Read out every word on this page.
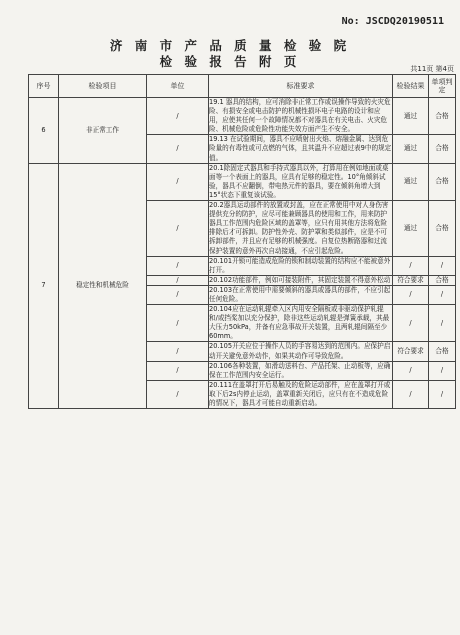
No: JSCDQ20190511
济 南 市 产 品 质 量 检 验 院
检 验 报 告 附 页	共11页 第4页
序号	检验项目	单位	标准要求	检验结果	单项判定
6	非正常工作	/	19.1 器具的结构，应可消除非正常工作或误操作导致的火灾危险、有损安全或电击防护的机械性损坏电子电路的设计和应用，应使其任何一个故障情况都不对器具在有关电击、火灾危险、机械危险或危险性功能失效方面产生不安全。	通过	合格
		/	19.13 在试验期间，器具不应喷射出火焰、熔融金属、达到危险量的有毒性或可点燃的气体，且其温升不应超过表9中的规定值。	通过	合格
7	稳定性和机械危险	/	20.1除固定式器具和手持式器具以外，打算用在例如地面或桌面等一个表面上的器具，应具有足够的稳定性。10°角倾斜试验，器具不应翻倒，带电热元件的器具，要在倾斜角增大到15°状态下重复该试验。	通过	合格
		/	20.2器具运动部件的放置或封盖，应在正常使用中对人身伤害提供充分的防护，应尽可能兼顾器具的使用和工作，用来防护器具工作范围内危险区域的盖罩等，应只有用其他方法将危险排除后才可拆卸。防护性外壳、防护罩和类似部件，应是不可拆卸部件，并且应有足够的机械强度。自复位热断路器和过流保护装置的意外再次自动接通，不应引起危险。	通过	合格
		/	20.101开锁可能造成危险的锁和制动装置的结构应不能被意外打开。	/	/
		/	20.102功能部件，例如可接装附件，其固定装置不得意外松动	符合要求	合格
		/	20.103在正常使用中需要倾斜的器具或器具的部件，不应引起任何危险。	/	/
		/	20.104应在运动轧辊牵入区内用安全隔板或非驱动保护轧辊和/或挡桨加以充分保护，除非这些运动轧辊是弹簧承载，其最大压力50kPa，并备有应急事故开关装置，且两轧辊间隔至少60mm。	/	/
		/	20.105开关应位于操作人员的手容易达到的范围内。应保护启动开关避免意外动作，如果其动作可导致危险。	符合要求	合格
		/	20.106各种装置，如滑动送料台、产品托架、止动板等，应确保在工作范围内安全运行。	/	/
		/	20.111在盖罩打开后易触及的危险运动部件，应在盖罩打开或取下后2s内停止运动，盖罩重新关闭后，应只有在不造成危险的情况下，器具才可能自动重新启动。	/	/
